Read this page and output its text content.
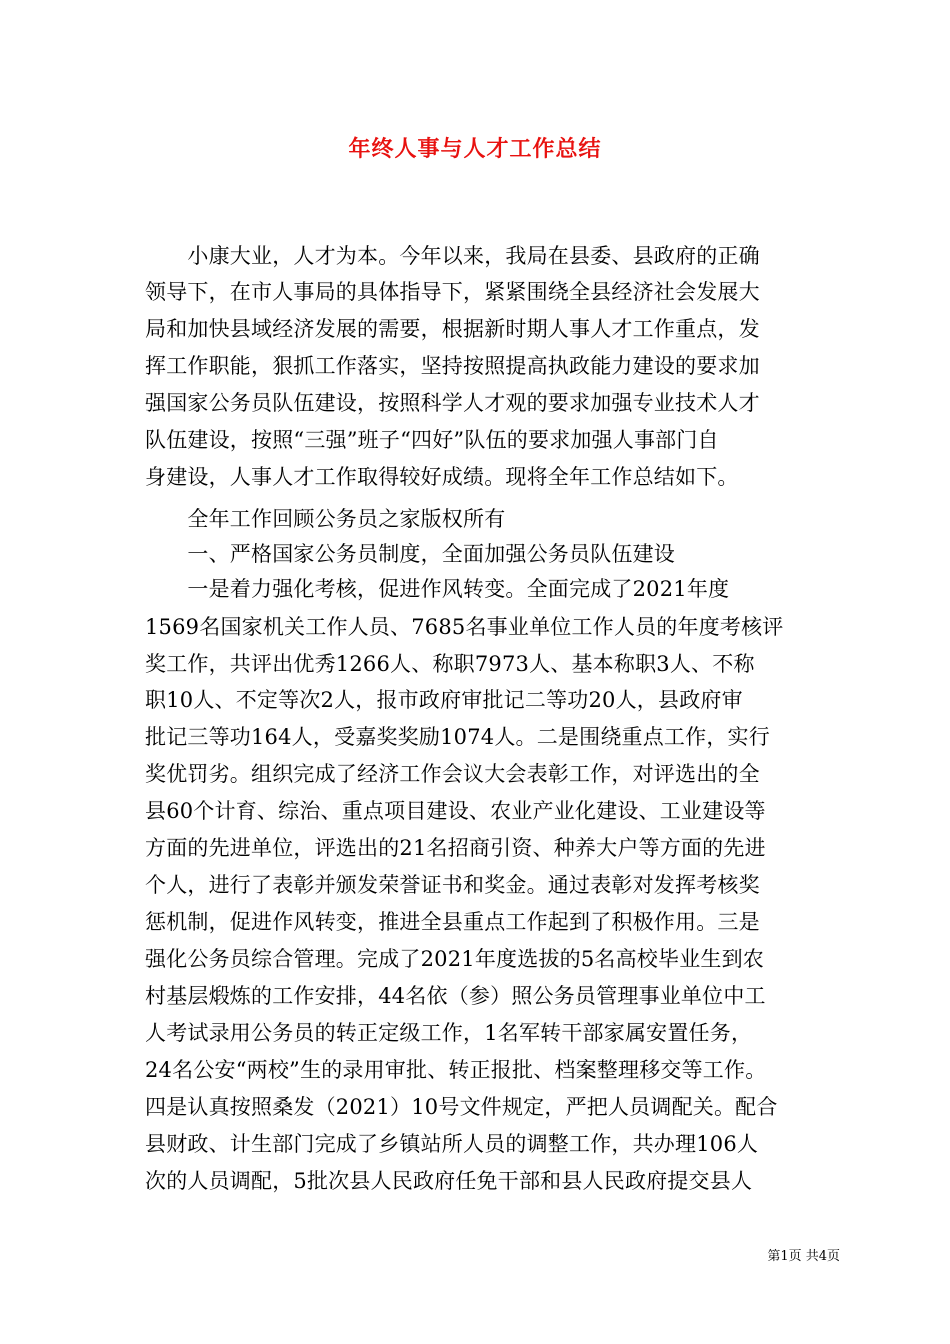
年终人事与人才工作总结
　　小康大业，人才为本。今年以来，我局在县委、县政府的正确
领导下，在市人事局的具体指导下，紧紧围绕全县经济社会发展大
局和加快县域经济发展的需要，根据新时期人事人才工作重点，发
挥工作职能，狠抓工作落实，坚持按照提高执政能力建设的要求加
强国家公务员队伍建设，按照科学人才观的要求加强专业技术人才
队伍建设，按照“三强”班子“四好”队伍的要求加强人事部门自
身建设，人事人才工作取得较好成绩。现将全年工作总结如下。
　　全年工作回顾公务员之家版权所有
　　一、严格国家公务员制度，全面加强公务员队伍建设
　　一是着力强化考核，促进作风转变。全面完成了2021年度
1569名国家机关工作人员、7685名事业单位工作人员的年度考核评
奖工作，共评出优秀1266人、称职7973人、基本称职3人、不称
职10人、不定等次2人，报市政府审批记二等功20人，县政府审
批记三等功164人，受嘉奖奖励1074人。二是围绕重点工作，实行
奖优罚劣。组织完成了经济工作会议大会表彰工作，对评选出的全
县60个计育、综治、重点项目建设、农业产业化建设、工业建设等
方面的先进单位，评选出的21名招商引资、种养大户等方面的先进
个人，进行了表彰并颁发荣誉证书和奖金。通过表彰对发挥考核奖
惩机制，促进作风转变，推进全县重点工作起到了积极作用。三是
强化公务员综合管理。完成了2021年度选拔的5名高校毕业生到农
村基层煅炼的工作安排，44名依（参）照公务员管理事业单位中工
人考试录用公务员的转正定级工作，1名军转干部家属安置任务，
24名公安“两校”生的录用审批、转正报批、档案整理移交等工作。
四是认真按照桑发（2021）10号文件规定，严把人员调配关。配合
县财政、计生部门完成了乡镇站所人员的调整工作，共办理106人
次的人员调配，5批次县人民政府任免干部和县人民政府提交县人
第1页 共4页
